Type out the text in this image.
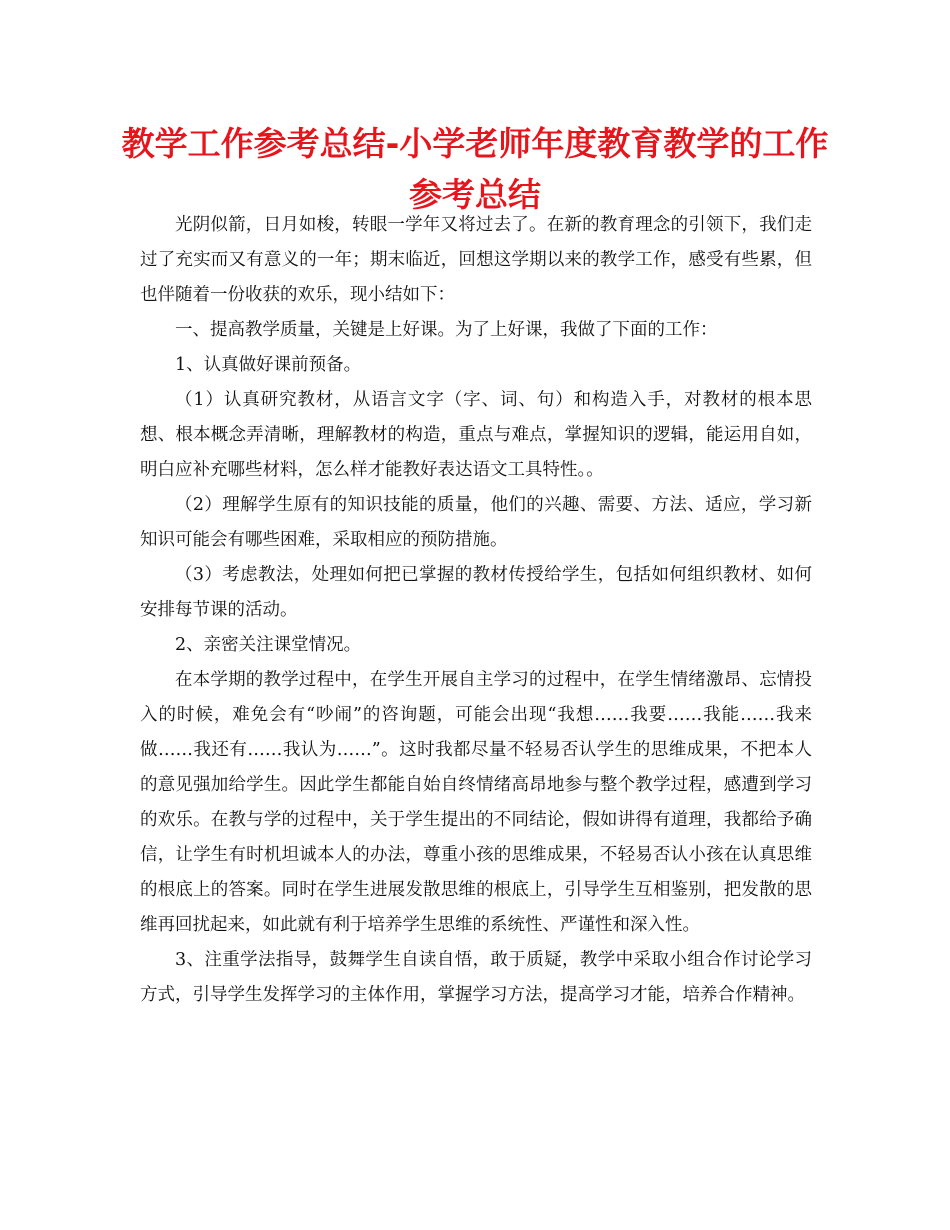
教学工作参考总结-小学老师年度教育教学的工作参考总结

光阴似箭，日月如梭，转眼一学年又将过去了。在新的教育理念的引领下，我们走过了充实而又有意义的一年；期末临近，回想这学期以来的教学工作，感受有些累，但也伴随着一份收获的欢乐，现小结如下：

一、提高教学质量，关键是上好课。为了上好课，我做了下面的工作：

1、认真做好课前预备。

（1）认真研究教材，从语言文字（字、词、句）和构造入手，对教材的根本思想、根本概念弄清晰，理解教材的构造，重点与难点，掌握知识的逻辑，能运用自如，明白应补充哪些材料，怎么样才能教好表达语文工具特性。。

（2）理解学生原有的知识技能的质量，他们的兴趣、需要、方法、适应，学习新知识可能会有哪些困难，采取相应的预防措施。

（3）考虑教法，处理如何把已掌握的教材传授给学生，包括如何组织教材、如何安排每节课的活动。

2、亲密关注课堂情况。

在本学期的教学过程中，在学生开展自主学习的过程中，在学生情绪激昂、忘情投入的时候，难免会有“吵闹”的咨询题，可能会出现“我想……我要……我能……我来做……我还有……我认为……”。这时我都尽量不轻易否认学生的思维成果，不把本人的意见强加给学生。因此学生都能自始自终情绪高昂地参与整个教学过程，感遭到学习的欢乐。在教与学的过程中，关于学生提出的不同结论，假如讲得有道理，我都给予确信，让学生有时机坦诚本人的办法，尊重小孩的思维成果，不轻易否认小孩在认真思维的根底上的答案。同时在学生进展发散思维的根底上，引导学生互相鉴别，把发散的思维再回扰起来，如此就有利于培养学生思维的系统性、严谨性和深入性。

3、注重学法指导，鼓舞学生自读自悟，敢于质疑，教学中采取小组合作讨论学习方式，引导学生发挥学习的主体作用，掌握学习方法，提高学习才能，培养合作精神。
